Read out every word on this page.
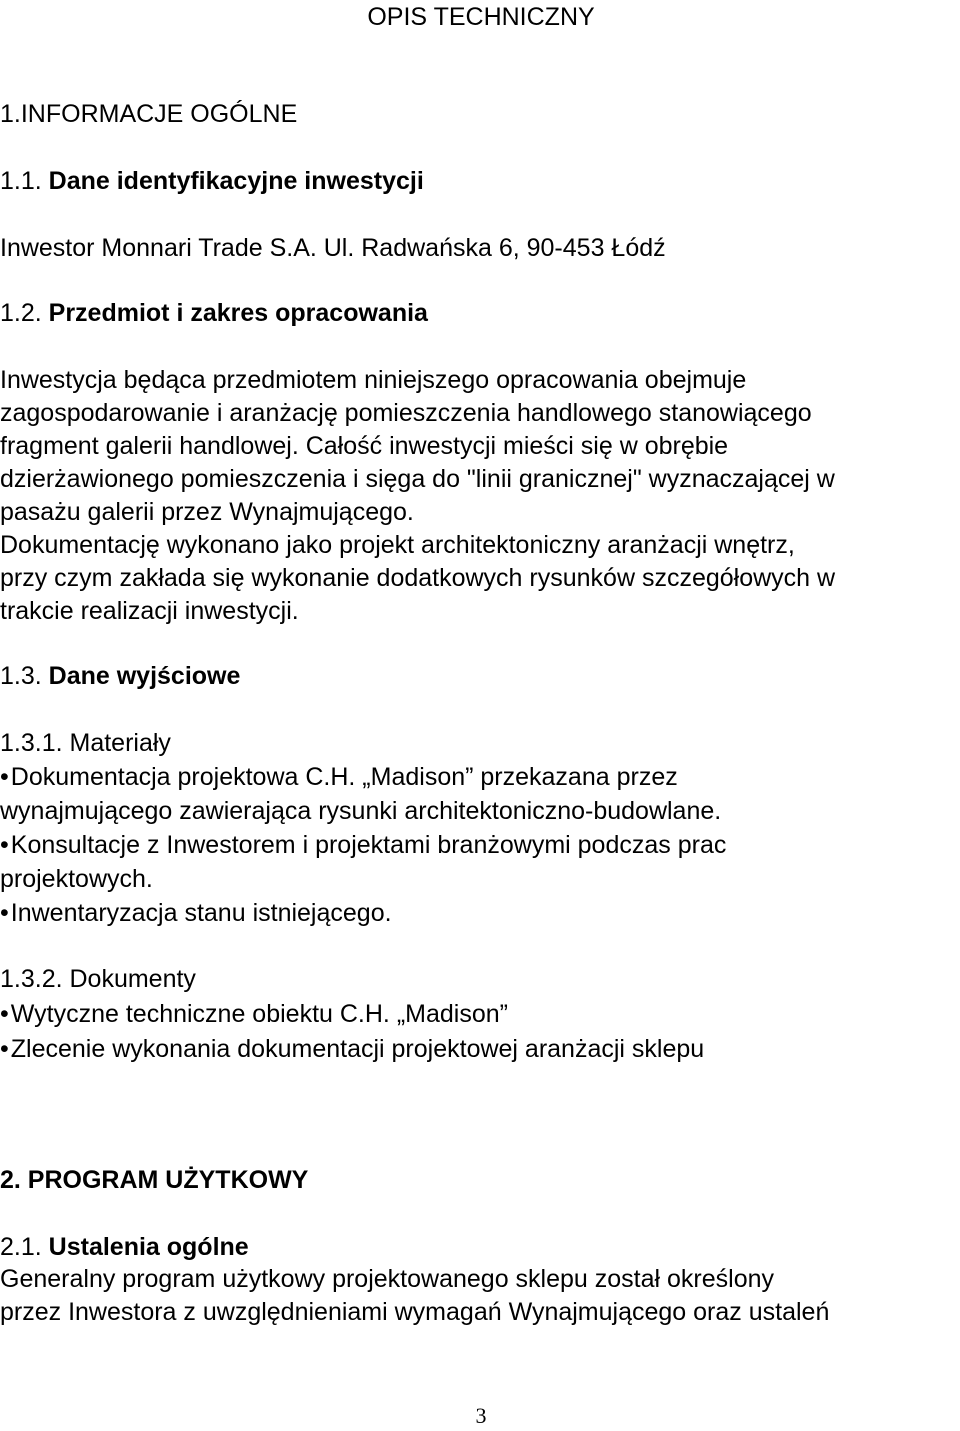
OPIS TECHNICZNY
1.INFORMACJE OGÓLNE
1.1. Dane identyfikacyjne inwestycji
Inwestor Monnari Trade S.A. Ul. Radwańska 6, 90-453 Łódź
1.2. Przedmiot i zakres opracowania
Inwestycja będąca przedmiotem niniejszego opracowania obejmuje
zagospodarowanie i aranżację pomieszczenia handlowego stanowiącego
fragment galerii handlowej. Całość inwestycji mieści się w obrębie
dzierżawionego pomieszczenia i sięga do "linii granicznej" wyznaczającej w
pasażu galerii przez Wynajmującego.
Dokumentację wykonano jako projekt architektoniczny aranżacji wnętrz,
przy czym zakłada się wykonanie dodatkowych rysunków szczegółowych w
trakcie realizacji inwestycji.
1.3. Dane wyjściowe
1.3.1. Materiały
• Dokumentacja projektowa C.H. „Madison” przekazana przez
wynajmującego zawierająca rysunki architektoniczno-budowlane.
• Konsultacje z Inwestorem i projektami branżowymi podczas prac
projektowych.
• Inwentaryzacja stanu istniejącego.
1.3.2. Dokumenty
• Wytyczne techniczne obiektu C.H. „Madison”
• Zlecenie wykonania dokumentacji projektowej aranżacji sklepu
2. PROGRAM UŻYTKOWY
2.1. Ustalenia ogólne
Generalny program użytkowy projektowanego sklepu został określony
przez Inwestora z uwzględnieniami wymagań Wynajmującego oraz ustaleń
3
